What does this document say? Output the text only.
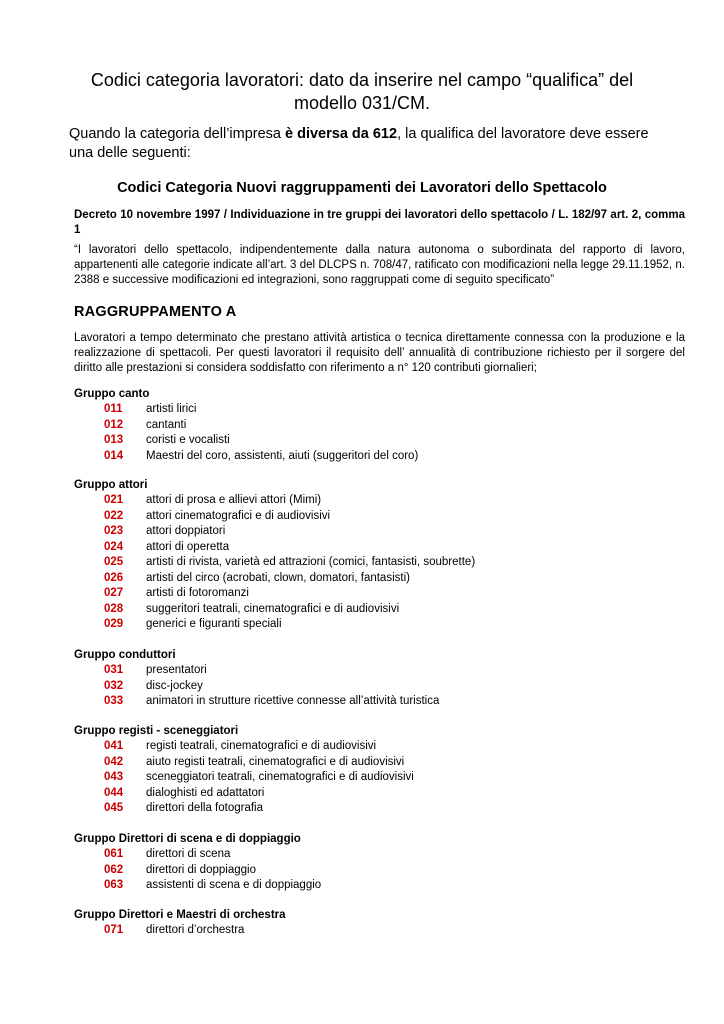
Codici categoria lavoratori: dato da inserire nel campo “qualifica” del modello 031/CM.
Quando la categoria dell’impresa è diversa da 612, la qualifica del lavoratore deve essere una delle seguenti:
Codici Categoria Nuovi raggruppamenti dei Lavoratori dello Spettacolo
Decreto 10 novembre 1997 / Individuazione in tre gruppi dei lavoratori dello spettacolo / L. 182/97 art. 2, comma 1
“I lavoratori dello spettacolo, indipendentemente dalla natura autonoma o subordinata del rapporto di lavoro, appartenenti alle categorie indicate all’art. 3 del DLCPS n. 708/47, ratificato con modificazioni nella legge 29.11.1952, n. 2388 e successive modificazioni ed integrazioni, sono raggruppati come di seguito specificato”
RAGGRUPPAMENTO A
Lavoratori a tempo determinato che prestano attività artistica o tecnica direttamente connessa con la produzione e la realizzazione di spettacoli. Per questi lavoratori il requisito dell’ annualità di contribuzione richiesto per il sorgere del diritto alle prestazioni si considera soddisfatto con riferimento a n° 120 contributi giornalieri;
Gruppo canto
011 artisti lirici
012 cantanti
013 coristi e vocalisti
014 Maestri del coro, assistenti, aiuti (suggeritori del coro)
Gruppo attori
021 attori di prosa e allievi attori (Mimi)
022 attori cinematografici e di audiovisivi
023 attori doppiatori
024 attori di operetta
025 artisti di rivista, varietà ed attrazioni (comici, fantasisti, soubrette)
026 artisti del circo (acrobati, clown, domatori, fantasisti)
027 artisti di fotoromanzi
028 suggeritori teatrali, cinematografici e di audiovisivi
029 generici e figuranti speciali
Gruppo conduttori
031 presentatori
032 disc-jockey
033 animatori in strutture ricettive connesse all’attività turistica
Gruppo registi - sceneggiatori
041 registi teatrali, cinematografici e di audiovisivi
042 aiuto registi teatrali, cinematografici e di audiovisivi
043 sceneggiatori teatrali, cinematografici e di audiovisivi
044 dialoghisti ed adattatori
045 direttori della fotografia
Gruppo Direttori di scena e di doppiaggio
061 direttori di scena
062 direttori di doppiaggio
063 assistenti di scena e di doppiaggio
Gruppo Direttori e Maestri di orchestra
071 direttori d’orchestra
